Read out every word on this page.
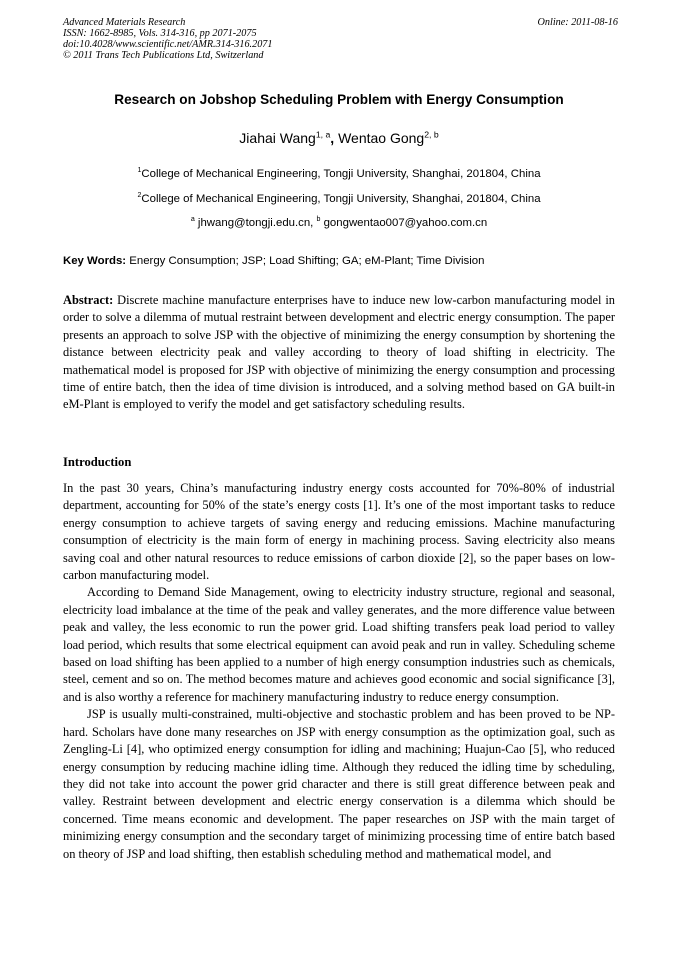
Advanced Materials Research
ISSN: 1662-8985, Vols. 314-316, pp 2071-2075
doi:10.4028/www.scientific.net/AMR.314-316.2071
© 2011 Trans Tech Publications Ltd, Switzerland
Online: 2011-08-16
Research on Jobshop Scheduling Problem with Energy Consumption
Jiahai Wang$^{1, a}$, Wentao Gong$^{2, b}$
$^1$College of Mechanical Engineering, Tongji University, Shanghai, 201804, China
$^2$College of Mechanical Engineering, Tongji University, Shanghai, 201804, China
$^a$ jhwang@tongji.edu.cn, $^b$ gongwentao007@yahoo.com.cn
Key Words: Energy Consumption; JSP; Load Shifting; GA; eM-Plant; Time Division
Abstract: Discrete machine manufacture enterprises have to induce new low-carbon manufacturing model in order to solve a dilemma of mutual restraint between development and electric energy consumption. The paper presents an approach to solve JSP with the objective of minimizing the energy consumption by shortening the distance between electricity peak and valley according to theory of load shifting in electricity. The mathematical model is proposed for JSP with objective of minimizing the energy consumption and processing time of entire batch, then the idea of time division is introduced, and a solving method based on GA built-in eM-Plant is employed to verify the model and get satisfactory scheduling results.
Introduction

In the past 30 years, China’s manufacturing industry energy costs accounted for 70%-80% of industrial department, accounting for 50% of the state’s energy costs [1]. It’s one of the most important tasks to reduce energy consumption to achieve targets of saving energy and reducing emissions. Machine manufacturing consumption of electricity is the main form of energy in machining process. Saving electricity also means saving coal and other natural resources to reduce emissions of carbon dioxide [2], so the paper bases on low-carbon manufacturing model.

According to Demand Side Management, owing to electricity industry structure, regional and seasonal, electricity load imbalance at the time of the peak and valley generates, and the more difference value between peak and valley, the less economic to run the power grid. Load shifting transfers peak load period to valley load period, which results that some electrical equipment can avoid peak and run in valley. Scheduling scheme based on load shifting has been applied to a number of high energy consumption industries such as chemicals, steel, cement and so on. The method becomes mature and achieves good economic and social significance [3], and is also worthy a reference for machinery manufacturing industry to reduce energy consumption.

JSP is usually multi-constrained, multi-objective and stochastic problem and has been proved to be NP-hard. Scholars have done many researches on JSP with energy consumption as the optimization goal, such as Zengling-Li [4], who optimized energy consumption for idling and machining; Huajun-Cao [5], who reduced energy consumption by reducing machine idling time. Although they reduced the idling time by scheduling, they did not take into account the power grid character and there is still great difference between peak and valley. Restraint between development and electric energy conservation is a dilemma which should be concerned. Time means economic and development. The paper researches on JSP with the main target of minimizing energy consumption and the secondary target of minimizing processing time of entire batch based on theory of JSP and load shifting, then establish scheduling method and mathematical model, and
